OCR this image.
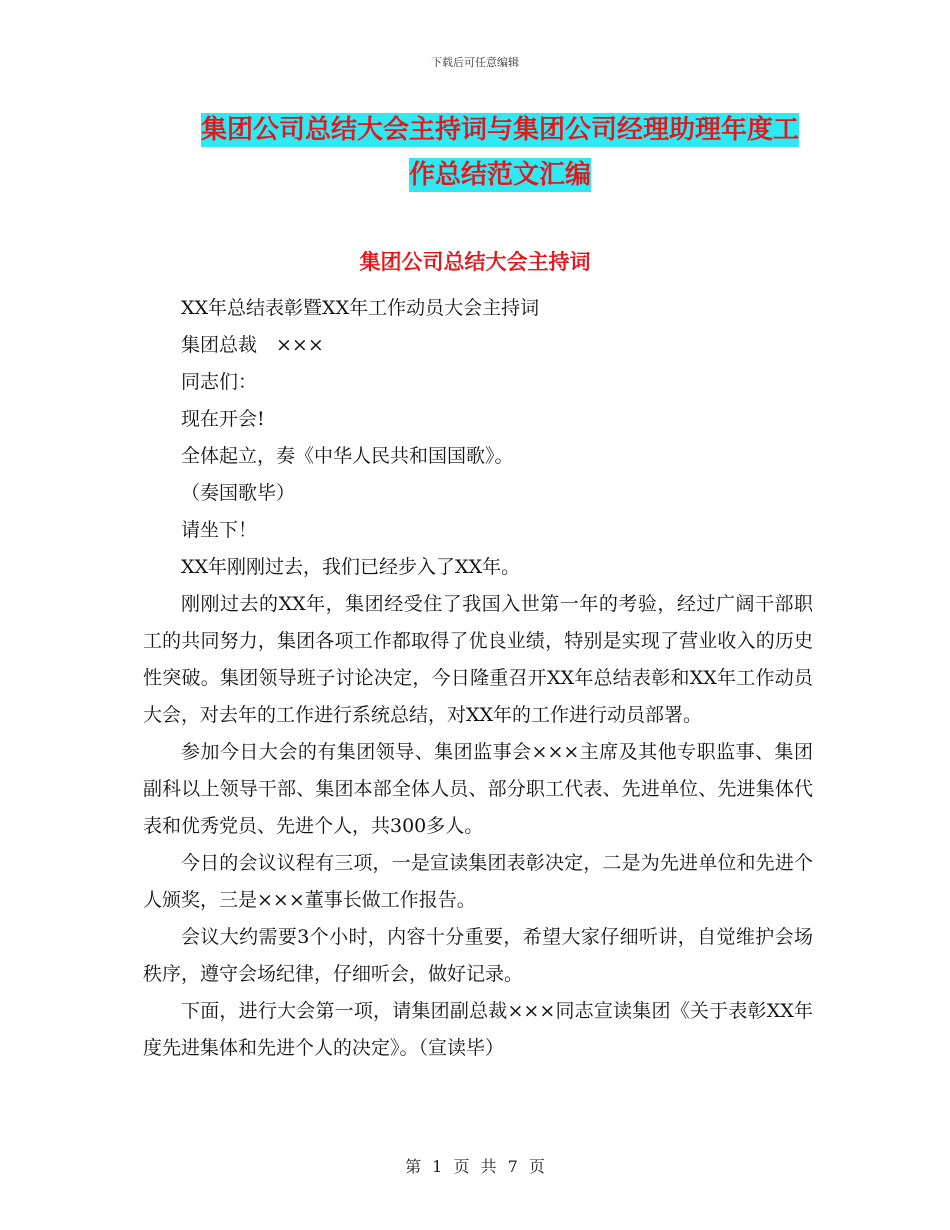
下载后可任意编辑
集团公司总结大会主持词与集团公司经理助理年度工
作总结范文汇编
集团公司总结大会主持词

XX年总结表彰暨XX年工作动员大会主持词

集团总裁　×××

同志们：

现在开会!

全体起立，奏《中华人民共和国国歌》。

（奏国歌毕）

请坐下！

XX年刚刚过去，我们已经步入了XX年。

刚刚过去的XX年，集团经受住了我国入世第一年的考验，经过广阔干部职工的共同努力，集团各项工作都取得了优良业绩，特别是实现了营业收入的历史性突破。集团领导班子讨论决定，今日隆重召开XX年总结表彰和XX年工作动员大会，对去年的工作进行系统总结，对XX年的工作进行动员部署。

参加今日大会的有集团领导、集团监事会×××主席及其他专职监事、集团副科以上领导干部、集团本部全体人员、部分职工代表、先进单位、先进集体代表和优秀党员、先进个人，共300多人。

今日的会议议程有三项，一是宣读集团表彰决定，二是为先进单位和先进个人颁奖，三是×××董事长做工作报告。

会议大约需要3个小时，内容十分重要，希望大家仔细听讲，自觉维护会场秩序，遵守会场纪律，仔细听会，做好记录。

下面，进行大会第一项，请集团副总裁×××同志宣读集团《关于表彰XX年度先进集体和先进个人的决定》。（宣读毕）

第 1 页 共 7 页
